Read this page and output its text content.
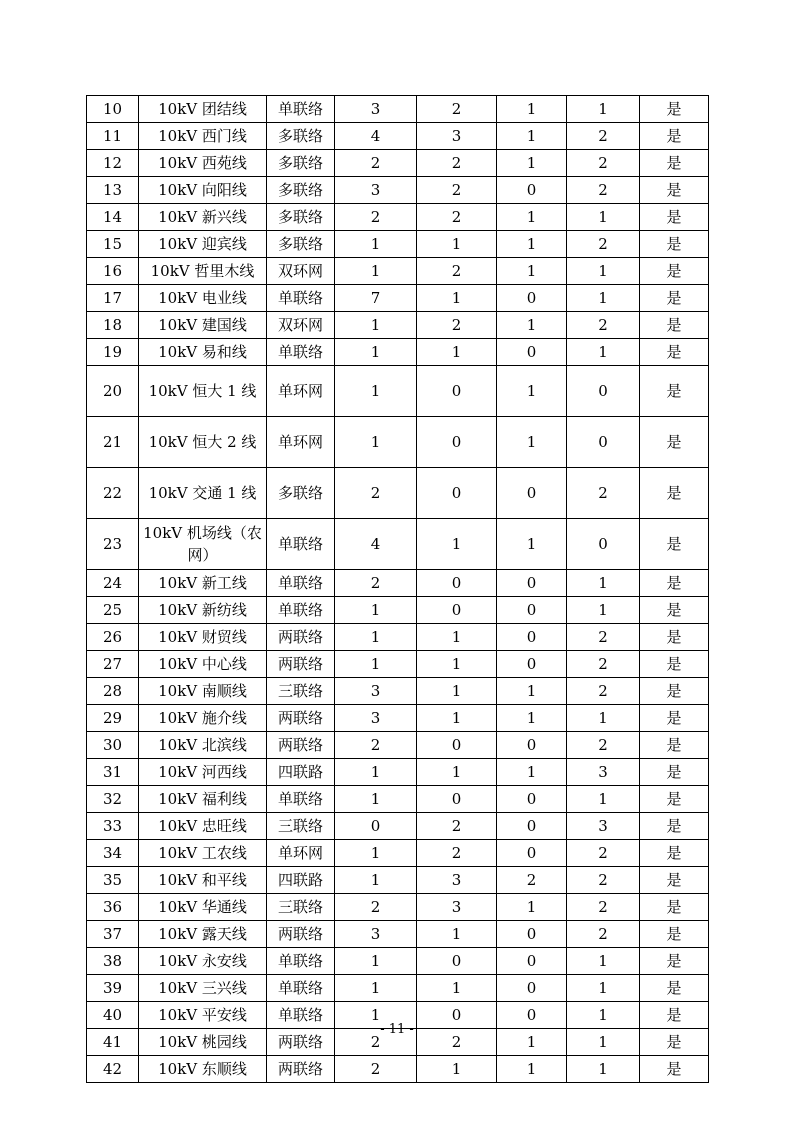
10	10kV 团结线	单联络	3	2	1	1	是
11	10kV 西门线	多联络	4	3	1	2	是
12	10kV 西苑线	多联络	2	2	1	2	是
13	10kV 向阳线	多联络	3	2	0	2	是
14	10kV 新兴线	多联络	2	2	1	1	是
15	10kV 迎宾线	多联络	1	1	1	2	是
16	10kV 哲里木线	双环网	1	2	1	1	是
17	10kV 电业线	单联络	7	1	0	1	是
18	10kV 建国线	双环网	1	2	1	2	是
19	10kV 易和线	单联络	1	1	0	1	是
20	10kV 恒大 1 线	单环网	1	0	1	0	是
21	10kV 恒大 2 线	单环网	1	0	1	0	是
22	10kV 交通 1 线	多联络	2	0	0	2	是
23	10kV 机场线（农网）	单联络	4	1	1	0	是
24	10kV 新工线	单联络	2	0	0	1	是
25	10kV 新纺线	单联络	1	0	0	1	是
26	10kV 财贸线	两联络	1	1	0	2	是
27	10kV 中心线	两联络	1	1	0	2	是
28	10kV 南顺线	三联络	3	1	1	2	是
29	10kV 施介线	两联络	3	1	1	1	是
30	10kV 北滨线	两联络	2	0	0	2	是
31	10kV 河西线	四联路	1	1	1	3	是
32	10kV 福利线	单联络	1	0	0	1	是
33	10kV 忠旺线	三联络	0	2	0	3	是
34	10kV 工农线	单环网	1	2	0	2	是
35	10kV 和平线	四联路	1	3	2	2	是
36	10kV 华通线	三联络	2	3	1	2	是
37	10kV 露天线	两联络	3	1	0	2	是
38	10kV 永安线	单联络	1	0	0	1	是
39	10kV 三兴线	单联络	1	1	0	1	是
40	10kV 平安线	单联络	1	0	0	1	是
41	10kV 桃园线	两联络	2	2	1	1	是
42	10kV 东顺线	两联络	2	1	1	1	是
- 11 -
